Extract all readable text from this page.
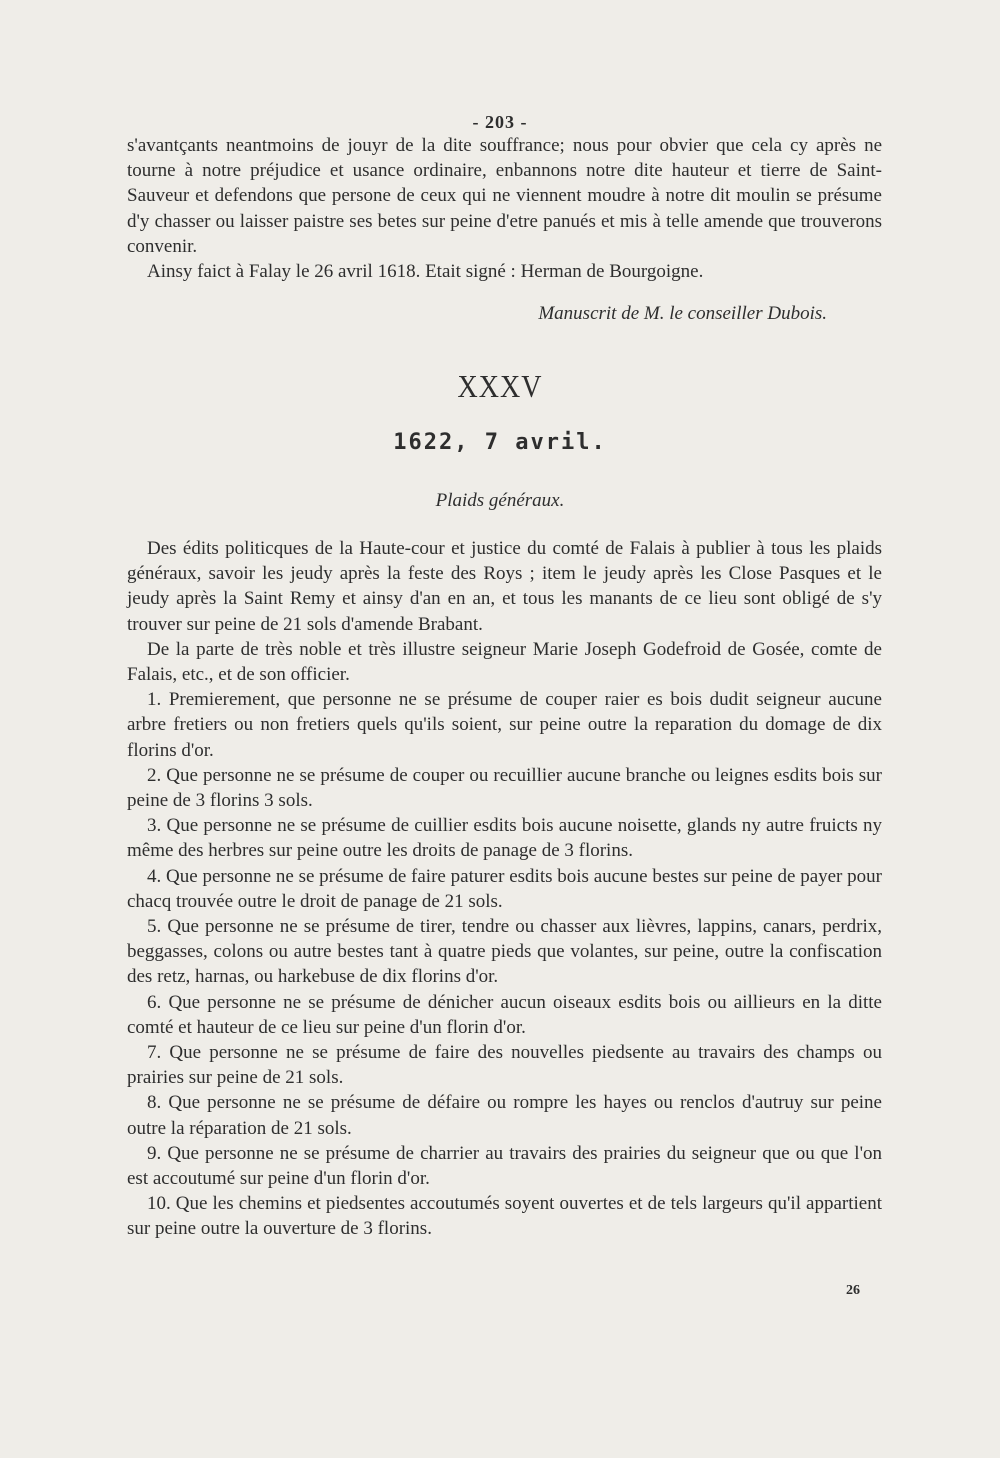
- 203 -

s'avantçants neantmoins de jouyr de la dite souffrance; nous pour obvier que cela cy après ne tourne à notre préjudice et usance ordinaire, enbannons notre dite hauteur et tierre de Saint-Sauveur et defendons que persone de ceux qui ne viennent moudre à notre dit moulin se présume d'y chasser ou laisser paistre ses betes sur peine d'etre panués et mis à telle amende que trouverons convenir.

Ainsy faict à Falay le 26 avril 1618. Etait signé : Herman de Bourgoigne.

Manuscrit de M. le conseiller Dubois.
XXXV
1622, 7 avril.
Plaids généraux.

Des édits politicques de la Haute-cour et justice du comté de Falais à publier à tous les plaids généraux, savoir les jeudy après la feste des Roys ; item le jeudy après les Close Pasques et le jeudy après la Saint Remy et ainsy d'an en an, et tous les manants de ce lieu sont obligé de s'y trouver sur peine de 21 sols d'amende Brabant.

De la parte de très noble et très illustre seigneur Marie Joseph Godefroid de Gosée, comte de Falais, etc., et de son officier.

1. Premierement, que personne ne se présume de couper raier es bois dudit seigneur aucune arbre fretiers ou non fretiers quels qu'ils soient, sur peine outre la reparation du domage de dix florins d'or.

2. Que personne ne se présume de couper ou recuillier aucune branche ou leignes esdits bois sur peine de 3 florins 3 sols.

3. Que personne ne se présume de cuillier esdits bois aucune noisette, glands ny autre fruicts ny même des herbres sur peine outre les droits de panage de 3 florins.

4. Que personne ne se présume de faire paturer esdits bois aucune bestes sur peine de payer pour chacq trouvée outre le droit de panage de 21 sols.

5. Que personne ne se présume de tirer, tendre ou chasser aux lièvres, lappins, canars, perdrix, beggasses, colons ou autre bestes tant à quatre pieds que volantes, sur peine, outre la confiscation des retz, harnas, ou harkebuse de dix florins d'or.

6. Que personne ne se présume de dénicher aucun oiseaux esdits bois ou aillieurs en la ditte comté et hauteur de ce lieu sur peine d'un florin d'or.

7. Que personne ne se présume de faire des nouvelles piedsente au travairs des champs ou prairies sur peine de 21 sols.

8. Que personne ne se présume de défaire ou rompre les hayes ou renclos d'autruy sur peine outre la réparation de 21 sols.

9. Que personne ne se présume de charrier au travairs des prairies du seigneur que ou que l'on est accoutumé sur peine d'un florin d'or.

10. Que les chemins et piedsentes accoutumés soyent ouvertes et de tels largeurs qu'il appartient sur peine outre la ouverture de 3 florins.

26
